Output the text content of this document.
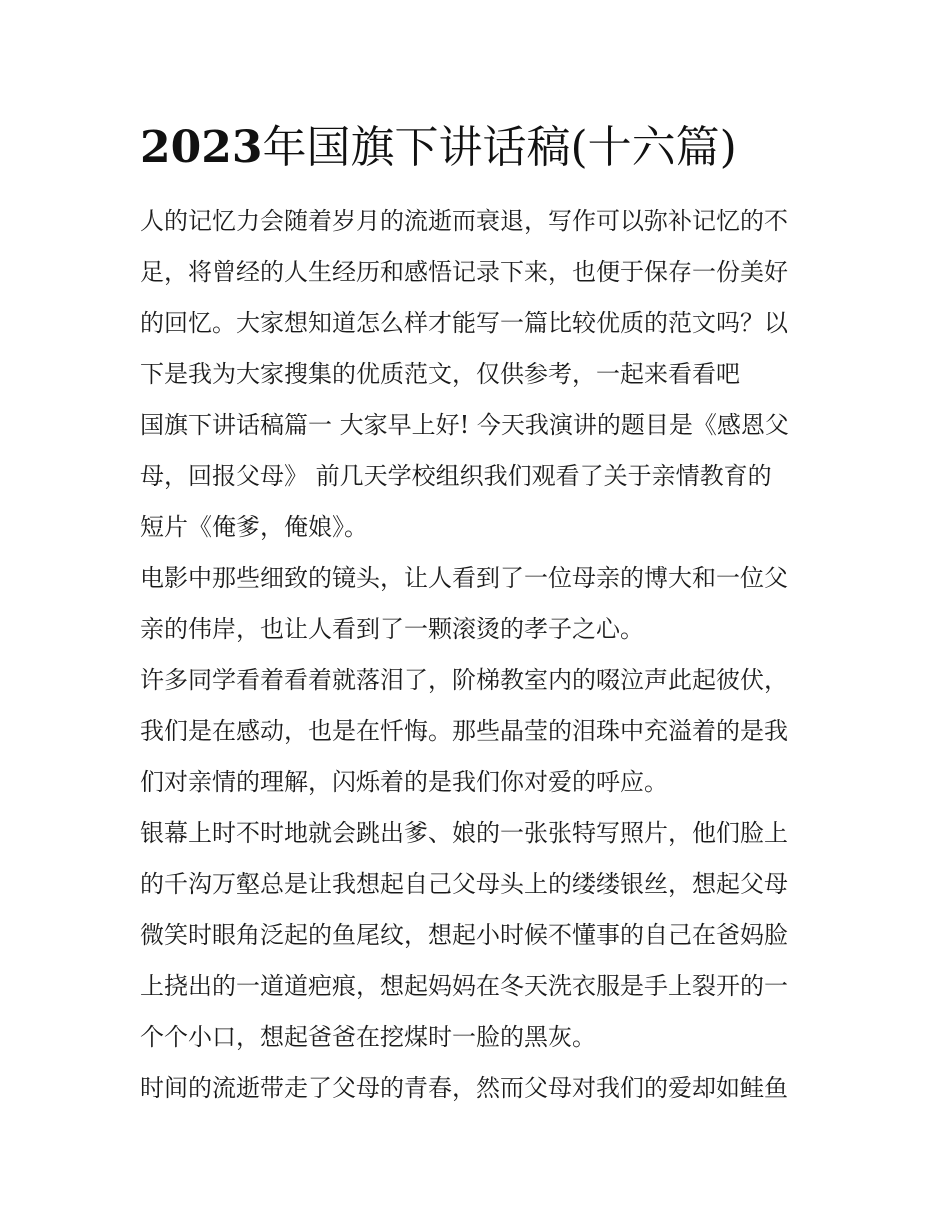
2023年国旗下讲话稿(十六篇)

人的记忆力会随着岁月的流逝而衰退，写作可以弥补记忆的不
足，将曾经的人生经历和感悟记录下来，也便于保存一份美好
的回忆。大家想知道怎么样才能写一篇比较优质的范文吗？以
下是我为大家搜集的优质范文，仅供参考，一起来看看吧

国旗下讲话稿篇一 大家早上好! 今天我演讲的题目是《感恩父
母，回报父母》 前几天学校组织我们观看了关于亲情教育的
短片《俺爹，俺娘》。

电影中那些细致的镜头，让人看到了一位母亲的博大和一位父
亲的伟岸，也让人看到了一颗滚烫的孝子之心。

许多同学看着看着就落泪了，阶梯教室内的啜泣声此起彼伏，
我们是在感动，也是在忏悔。那些晶莹的泪珠中充溢着的是我
们对亲情的理解，闪烁着的是我们你对爱的呼应。

银幕上时不时地就会跳出爹、娘的一张张特写照片，他们脸上
的千沟万壑总是让我想起自己父母头上的缕缕银丝，想起父母
微笑时眼角泛起的鱼尾纹，想起小时候不懂事的自己在爸妈脸
上挠出的一道道疤痕，想起妈妈在冬天洗衣服是手上裂开的一
个个小口，想起爸爸在挖煤时一脸的黑灰。

时间的流逝带走了父母的青春，然而父母对我们的爱却如鲑鱼
